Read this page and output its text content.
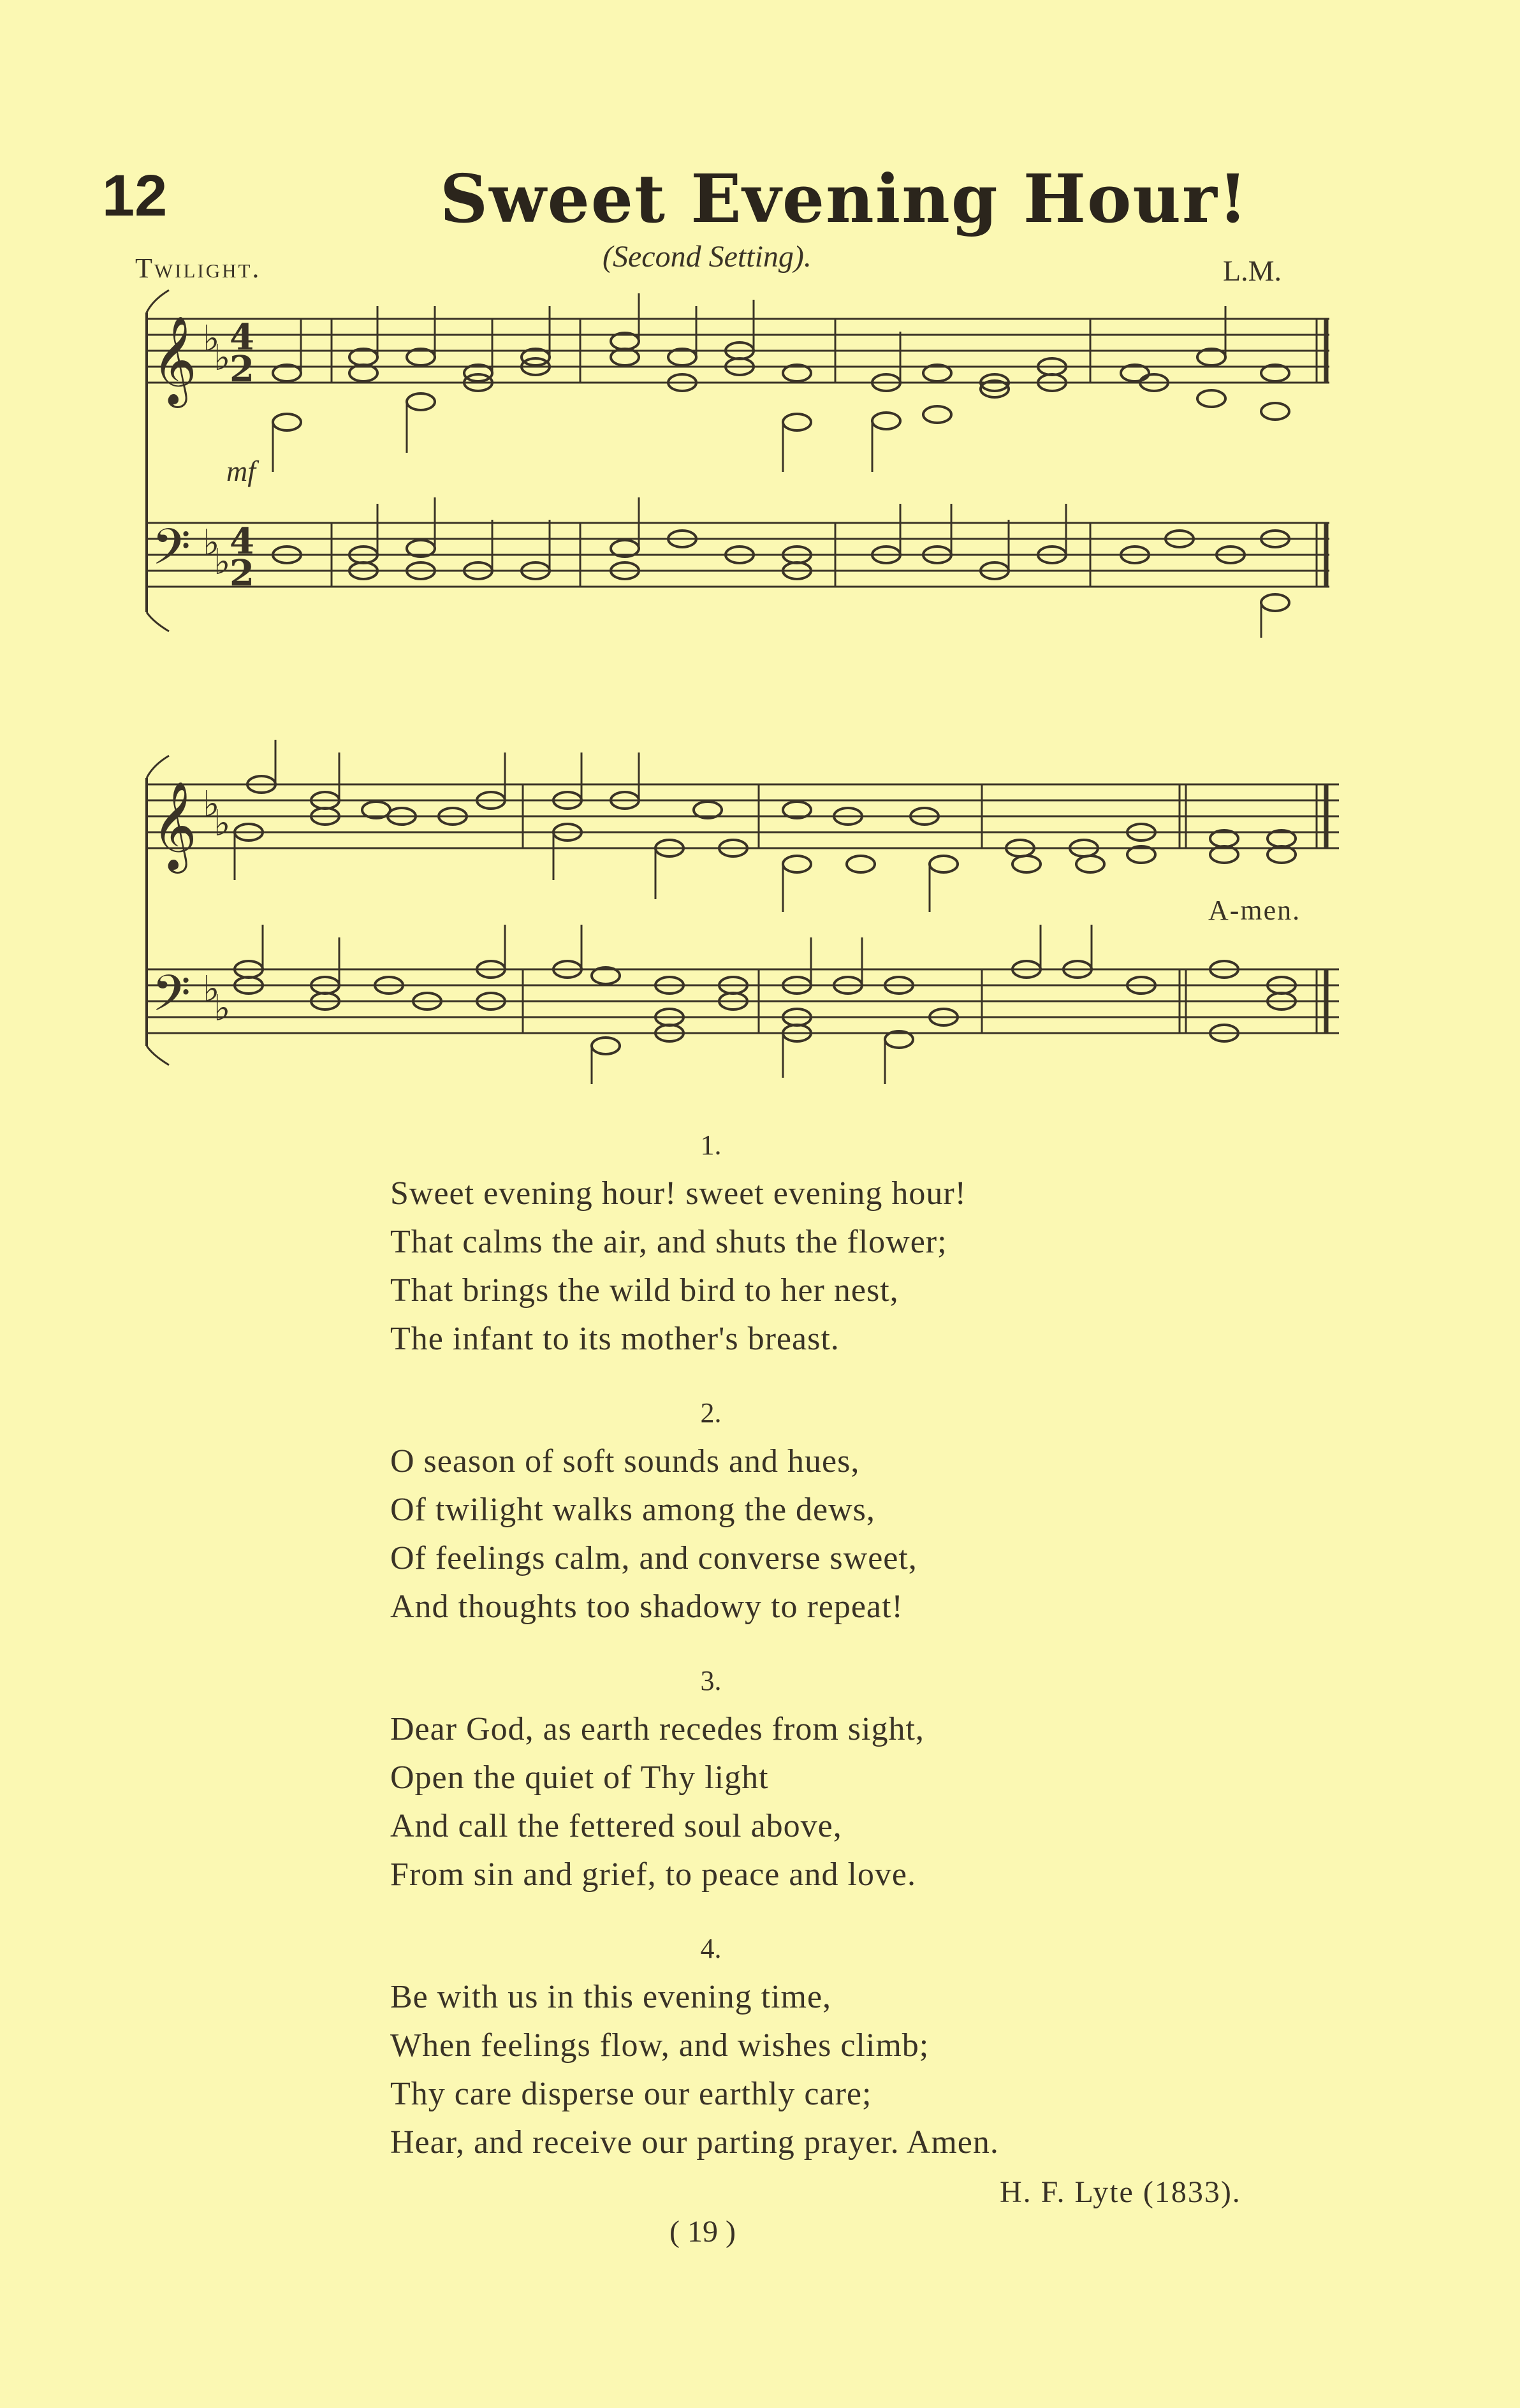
12	Sweet Evening Hour!
Twilight.	(Second Setting).	L.M.
mf
𝄞
𝄢
♭
♭
♭
♭
4
2
4
2
𝄞
𝄢
♭
♭
♭
♭
A-men.
1.
Sweet evening hour! sweet evening hour!
That calms the air, and shuts the flower;
That brings the wild bird to her nest,
The infant to its mother's breast.
2.
O season of soft sounds and hues,
Of twilight walks among the dews,
Of feelings calm, and converse sweet,
And thoughts too shadowy to repeat!
3.
Dear God, as earth recedes from sight,
Open the quiet of Thy light
And call the fettered soul above,
From sin and grief, to peace and love.
4.
Be with us in this evening time,
When feelings flow, and wishes climb;
Thy care disperse our earthly care;
Hear, and receive our parting prayer. Amen.
H. F. Lyte (1833).
( 19 )
